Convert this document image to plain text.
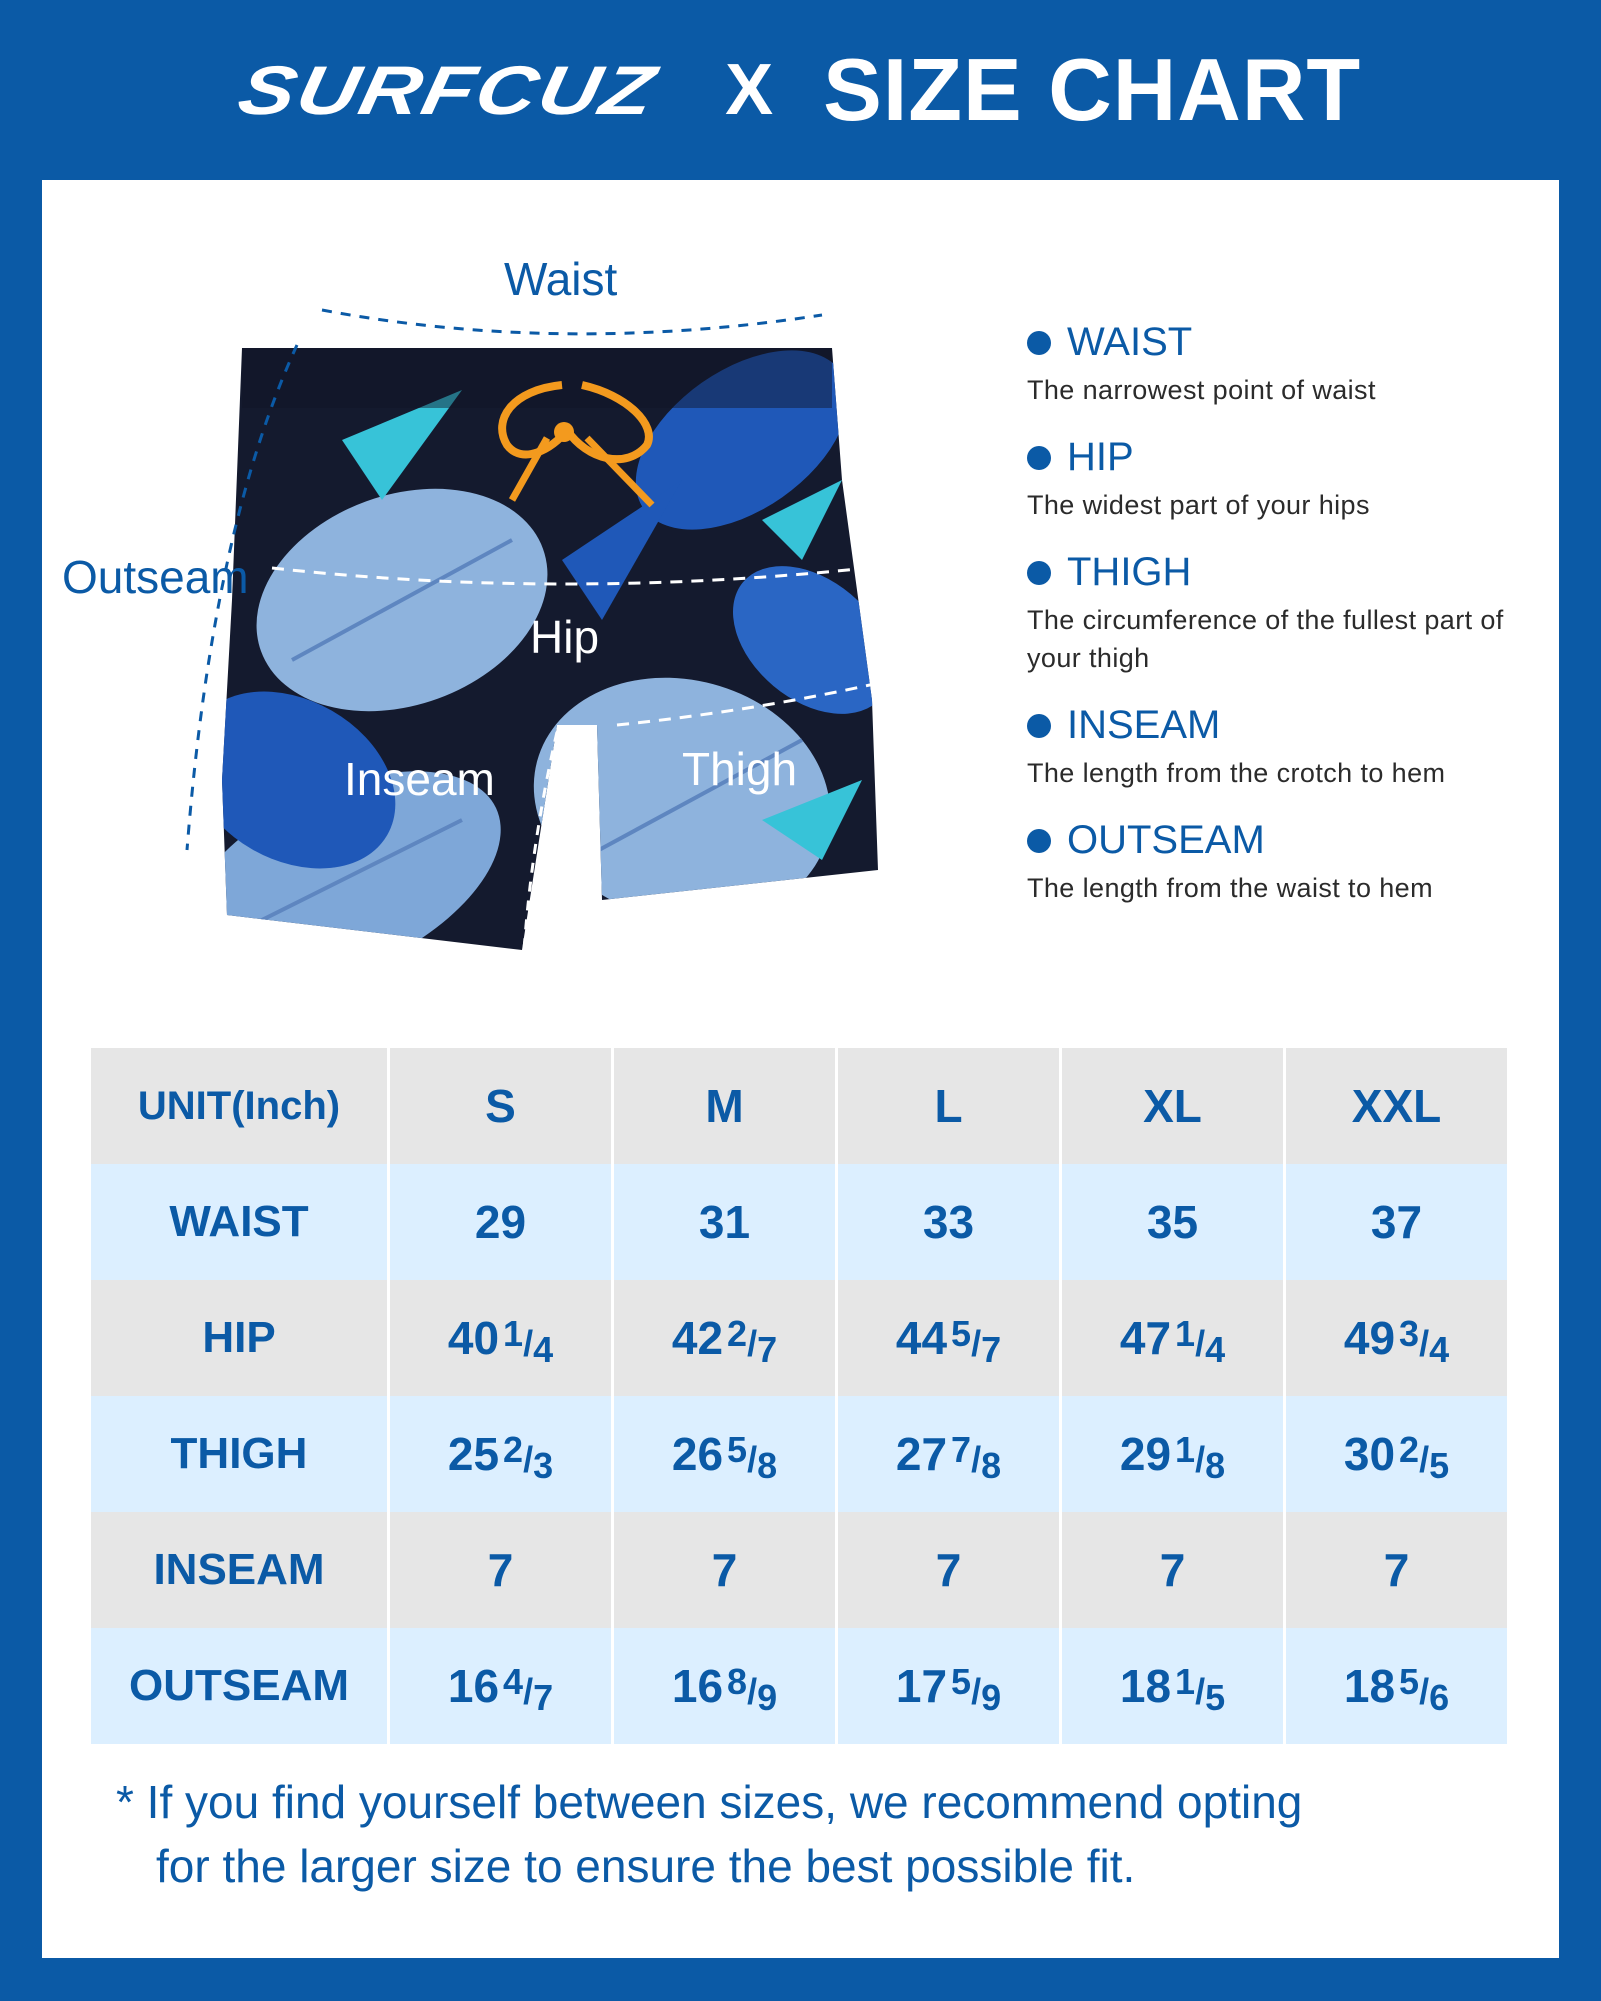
SURFCUZ X SIZE CHART
Waist
Outseam
Hip
Inseam	Thigh
WAIST
The narrowest point of waist
HIP
The widest part of your hips
THIGH
The circumference of the fullest part of your thigh
INSEAM
The length from the crotch to hem
OUTSEAM
The length from the waist to hem
UNIT(Inch)	S	M	L	XL	XXL
WAIST	29	31	33	35	37
HIP	40 1/4	42 2/7	44 5/7	47 1/4	49 3/4
THIGH	25 2/3	26 5/8	27 7/8	29 1/8	30 2/5
INSEAM	7	7	7	7	7
OUTSEAM	16 4/7	16 8/9	17 5/9	18 1/5	18 5/6
* If you find yourself between sizes, we recommend opting
for the larger size to ensure the best possible fit.
